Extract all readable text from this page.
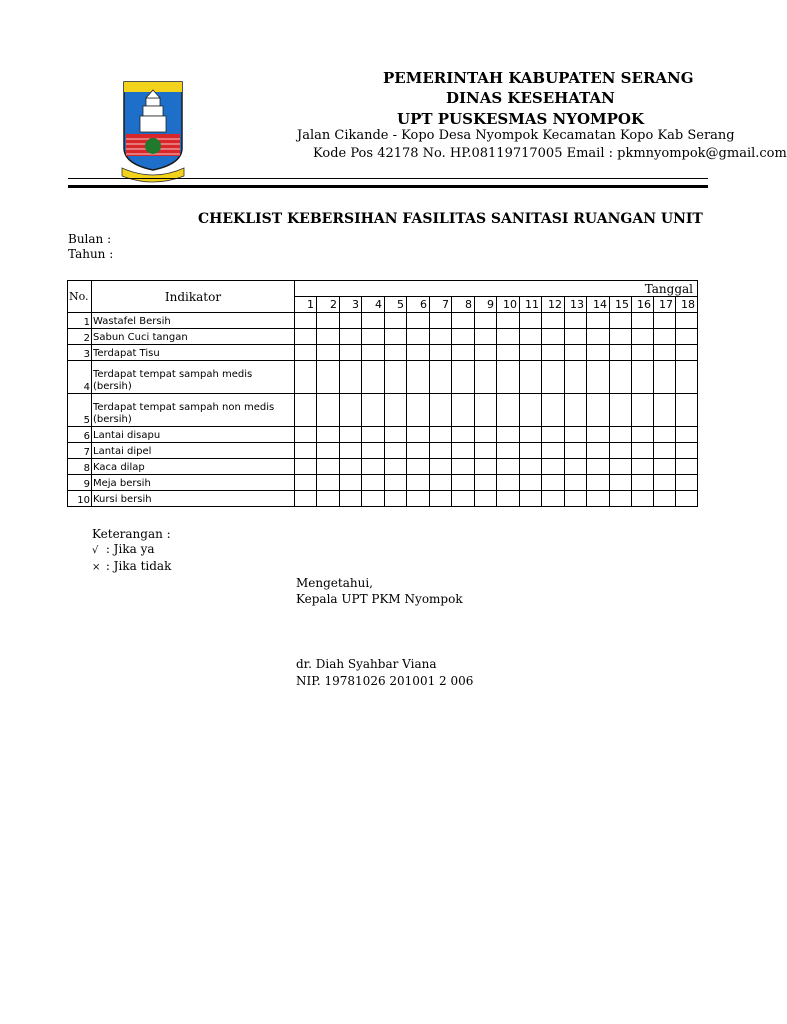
PEMERINTAH KABUPATEN SERANG
DINAS KESEHATAN
UPT PUSKESMAS NYOMPOK
Jalan Cikande - Kopo Desa Nyompok Kecamatan Kopo Kab Serang
Kode Pos 42178 No. HP.08119717005 Email : pkmnyompok@gmail.com
CHEKLIST KEBERSIHAN FASILITAS SANITASI RUANGAN UNIT
Bulan :
Tahun :
No.	Indikator	Tanggal																	
		1	2	3	4	5	6	7	8	9	10	11	12	13	14	15	16	17	18
1	Wastafel Bersih																		
2	Sabun Cuci tangan																		
3	Terdapat Tisu																		
4	Terdapat tempat sampah medis (bersih)																		
5	Terdapat tempat sampah non medis (bersih)																		
6	Lantai disapu																		
7	Lantai dipel																		
8	Kaca dilap																		
9	Meja bersih																		
10	Kursi bersih																		
Keterangan :
√ : Jika ya
× : Jika tidak
Mengetahui,
Kepala UPT PKM Nyompok
dr. Diah Syahbar Viana
NIP. 19781026 201001 2 006
